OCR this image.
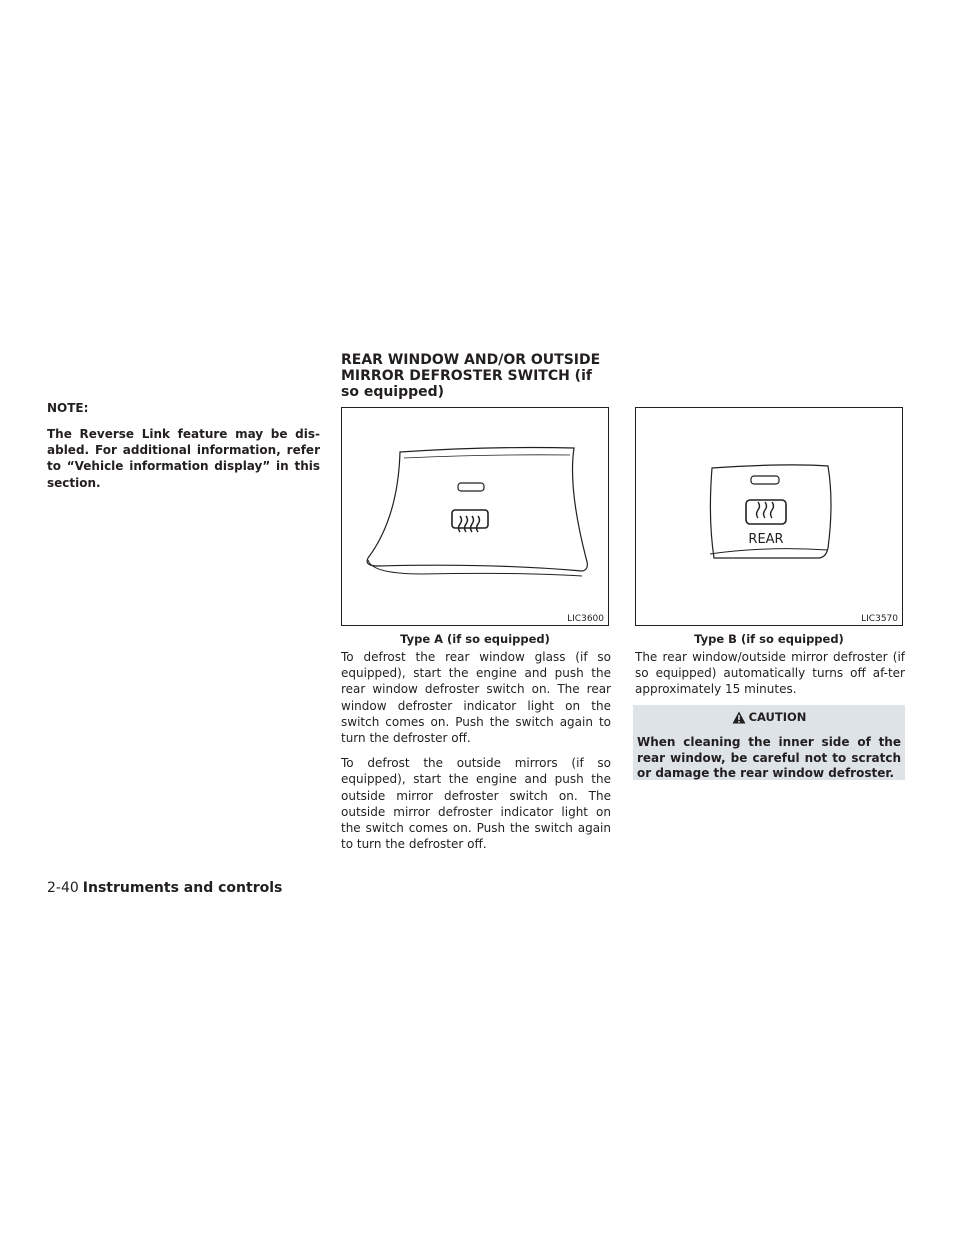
NOTE:
The Reverse Link feature may be dis-abled. For additional information, refer to “Vehicle information display” in this section.
REAR WINDOW AND/OR OUTSIDE MIRROR DEFROSTER SWITCH (if so equipped)
LIC3600
Type A (if so equipped)
REAR
LIC3570
Type B (if so equipped)

To defrost the rear window glass (if so equipped), start the engine and push the rear window defroster switch on. The rear window defroster indicator light on the switch comes on. Push the switch again to turn the defroster off.

To defrost the outside mirrors (if so equipped), start the engine and push the outside mirror defroster switch on. The outside mirror defroster indicator light on the switch comes on. Push the switch again to turn the defroster off.

The rear window/outside mirror defroster (if so equipped) automatically turns off af-ter approximately 15 minutes.

CAUTION
When cleaning the inner side of the rear window, be careful not to scratch or damage the rear window defroster.
2-40 Instruments and controls
